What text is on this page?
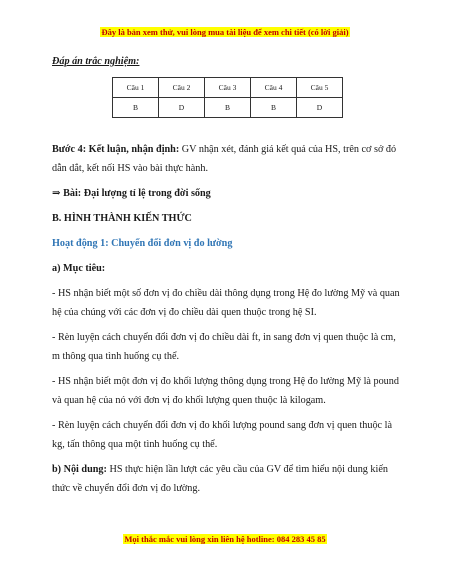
Đây là bản xem thử, vui lòng mua tài liệu để xem chi tiết (có lời giải)

Đáp án trắc nghiệm:

Câu 1	Câu 2	Câu 3	Câu 4	Câu 5
B	D	B	B	D

Bước 4: Kết luận, nhận định: GV nhận xét, đánh giá kết quả của HS, trên cơ sở đó dẫn dắt, kết nối HS vào bài thực hành.

⇒ Bài: Đại lượng tỉ lệ trong đời sống

B. HÌNH THÀNH KIẾN THỨC

Hoạt động 1: Chuyển đổi đơn vị đo lường

a) Mục tiêu:

- HS nhận biết một số đơn vị đo chiều dài thông dụng trong Hệ đo lường Mỹ và quan hệ của chúng với các đơn vị đo chiều dài quen thuộc trong hệ SI.

- Rèn luyện cách chuyển đổi đơn vị đo chiều dài ft, in sang đơn vị quen thuộc là cm, m thông qua tình huống cụ thể.

- HS nhận biết một đơn vị đo khối lượng thông dụng trong Hệ đo lường Mỹ là pound và quan hệ của nó với đơn vị đo khối lượng quen thuộc là kilogam.

- Rèn luyện cách chuyển đổi đơn vị đo khối lượng pound sang đơn vị quen thuộc là kg, tấn thông qua một tình huống cụ thể.

b) Nội dung: HS thực hiện lần lượt các yêu cầu của GV để tìm hiểu nội dung kiến thức về chuyển đổi đơn vị đo lường.

Mọi thắc mắc vui lòng xin liên hệ hotline: 084 283 45 85
